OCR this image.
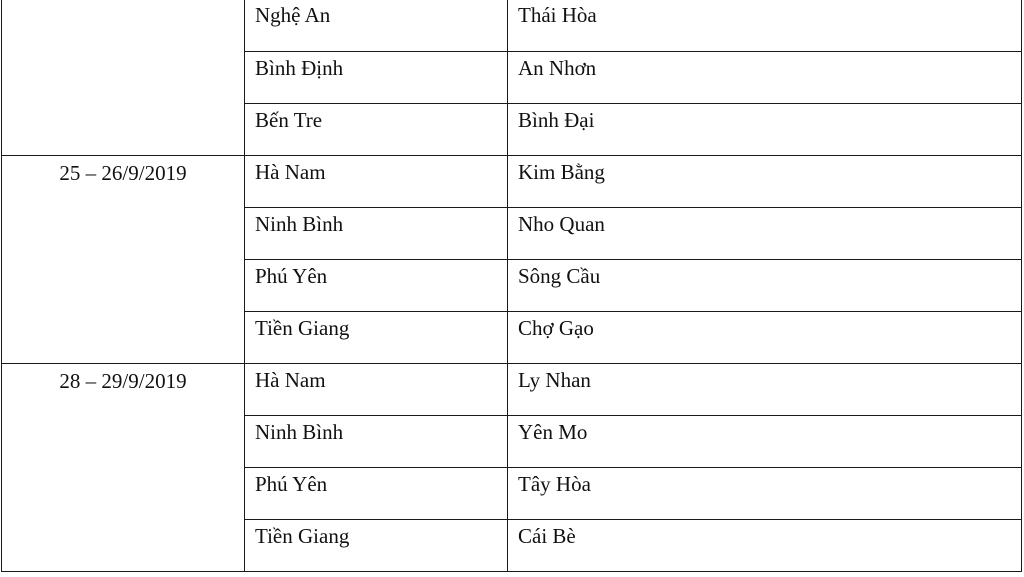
	Nghệ An	Thái Hòa
	Bình Định	An Nhơn
	Bến Tre	Bình Đại
25 – 26/9/2019	Hà Nam	Kim Bằng
	Ninh Bình	Nho Quan
	Phú Yên	Sông Cầu
	Tiền Giang	Chợ Gạo
28 – 29/9/2019	Hà Nam	Ly Nhan
	Ninh Bình	Yên Mo
	Phú Yên	Tây Hòa
	Tiền Giang	Cái Bè
